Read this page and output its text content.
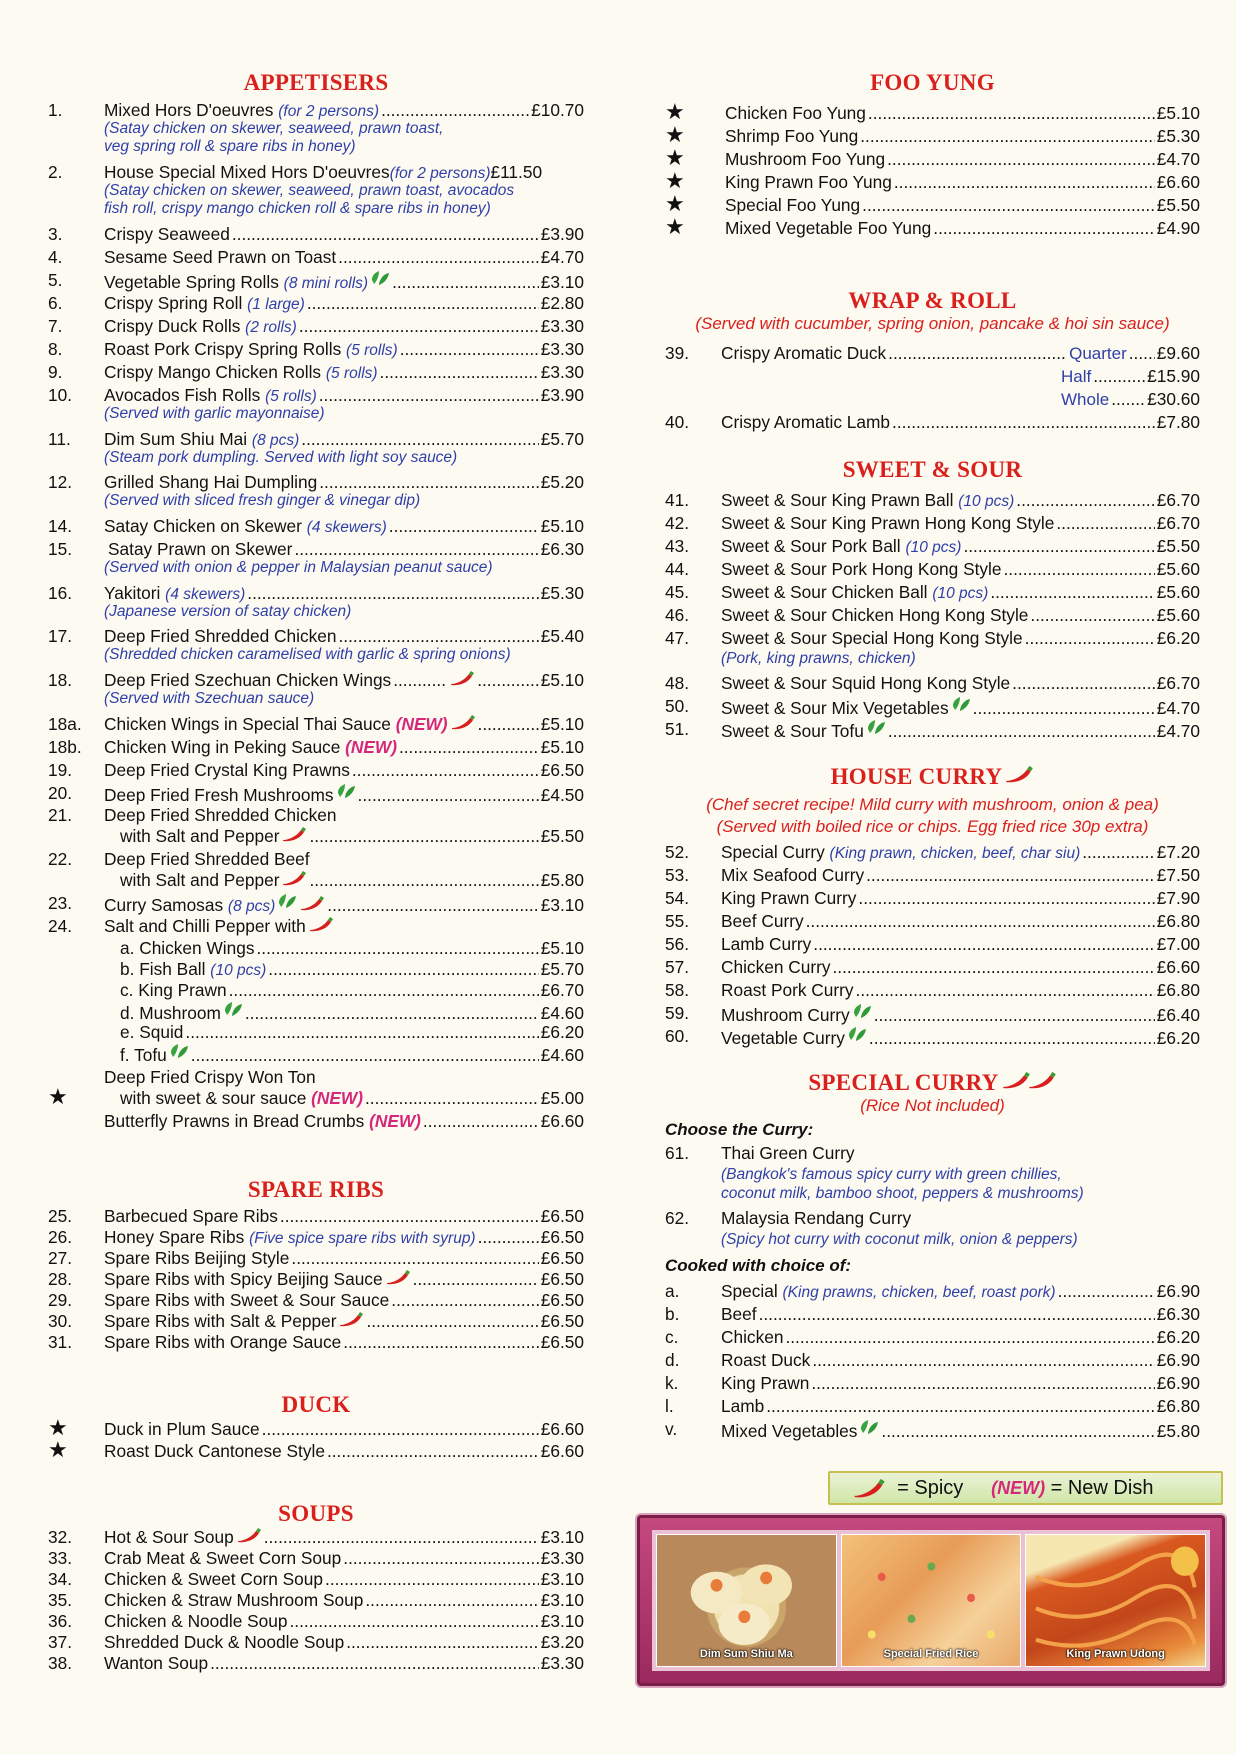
APPETISERS
1. Mixed Hors D'oeuvres
(for 2 persons) .....	£10.70
(Satay chicken on skewer, seaweed, prawn toast,
veg spring roll & spare ribs in honey)
2. House Special Mixed Hors D'oeuvres (for 2 persons) £11.50
(Satay chicken on skewer, seaweed, prawn toast, avocados
fish roll, crispy mango chicken roll & spare ribs in honey)
3. Crispy Seaweed .....	£3.90
4. Sesame Seed Prawn on Toast .....	£4.70
5. Vegetable Spring Rolls
(8 mini rolls) .....	£3.10
6. Crispy Spring Roll
(1 large) .....	£2.80
7. Crispy Duck Rolls
(2 rolls) .....	£3.30
8. Roast Pork Crispy Spring Rolls
(5 rolls) .....	£3.30
9. Crispy Mango Chicken Rolls
(5 rolls) .....	£3.30
10. Avocados Fish Rolls
(5 rolls) .....	£3.90
(Served with garlic mayonnaise)
11. Dim Sum Shiu Mai
(8 pcs) .....	£5.70
(Steam pork dumpling. Served with light soy sauce)
12. Grilled Shang Hai Dumpling .....	£5.20
(Served with sliced fresh ginger & vinegar dip)
14. Satay Chicken on Skewer
(4 skewers) .....	£5.10
15. Satay Prawn on Skewer .....	£6.30
(Served with onion & pepper in Malaysian peanut sauce)
16. Yakitori
(4 skewers) .....	£5.30
(Japanese version of satay chicken)
17. Deep Fried Shredded Chicken .....	£5.40
(Shredded chicken caramelised with garlic & spring onions)
18. Deep Fried Szechuan Chicken Wings ..... .....	£5.10
(Served with Szechuan sauce)
18a. Chicken Wings in Special Thai Sauce
(NEW) .....	£5.10
18b. Chicken Wing in Peking Sauce
(NEW) .....	£5.10
19. Deep Fried Crystal King Prawns .....	£6.50
20. Deep Fried Fresh Mushrooms .....	£4.50
21. Deep Fried Shredded Chicken
with Salt and Pepper .....	£5.50
22. Deep Fried Shredded Beef
with Salt and Pepper .....	£5.80
23. Curry Samosas
(8 pcs) .....	£3.10
24. Salt and Chilli Pepper with
a. Chicken Wings .....	£5.10
b. Fish Ball
(10 pcs) .....	£5.70
c. King Prawn .....	£6.70
d. Mushroom .....	£4.60
e. Squid .....	£6.20
f. Tofu .....	£4.60
Deep Fried Crispy Won Ton
★	with sweet & sour sauce
(NEW) .....	£5.00
Butterfly Prawns in Bread Crumbs
(NEW) .....	£6.60
SPARE RIBS
25. Barbecued Spare Ribs .....	£6.50
26. Honey Spare Ribs
(Five spice spare ribs with syrup) .....	£6.50
27. Spare Ribs Beijing Style .....	£6.50
28. Spare Ribs with Spicy Beijing Sauce .....	£6.50
29. Spare Ribs with Sweet & Sour Sauce .....	£6.50
30. Spare Ribs with Salt & Pepper .....	£6.50
31. Spare Ribs with Orange Sauce .....	£6.50
DUCK
★ Duck in Plum Sauce .....	£6.60
★ Roast Duck Cantonese Style .....	£6.60
SOUPS
32. Hot & Sour Soup .....	£3.10
33. Crab Meat & Sweet Corn Soup .....	£3.30
34. Chicken & Sweet Corn Soup .....	£3.10
35. Chicken & Straw Mushroom Soup .....	£3.10
36. Chicken & Noodle Soup .....	£3.10
37. Shredded Duck & Noodle Soup .....	£3.20
38. Wanton Soup .....	£3.30
FOO YUNG
★ Chicken Foo Yung .....	£5.10
★ Shrimp Foo Yung .....	£5.30
★ Mushroom Foo Yung .....	£4.70
★ King Prawn Foo Yung .....	£6.60
★ Special Foo Yung .....	£5.50
★ Mixed Vegetable Foo Yung .....	£4.90
WRAP & ROLL
(Served with cucumber, spring onion, pancake & hoi sin sauce)
39. Crispy Aromatic Duck .....	Quarter ..... £9.60
Half .....	£15.90
Whole ..... £30.60
40. Crispy Aromatic Lamb .....	£7.80
SWEET & SOUR
41. Sweet & Sour King Prawn Ball
(10 pcs) .....	£6.70
42. Sweet & Sour King Prawn Hong Kong Style .....	£6.70
43. Sweet & Sour Pork Ball
(10 pcs) .....	£5.50
44. Sweet & Sour Pork Hong Kong Style .....	£5.60
45. Sweet & Sour Chicken Ball
(10 pcs) .....	£5.60
46. Sweet & Sour Chicken Hong Kong Style .....	£5.60
47. Sweet & Sour Special Hong Kong Style .....	£6.20
(Pork, king prawns, chicken)
48. Sweet & Sour Squid Hong Kong Style .....	£6.70
50. Sweet & Sour Mix Vegetables .....	£4.70
51. Sweet & Sour Tofu .....	£4.70
HOUSE CURRY
(Chef secret recipe! Mild curry with mushroom, onion & pea)
(Served with boiled rice or chips. Egg fried rice 30p extra)
52. Special Curry
(King prawn, chicken, beef, char siu) .....	£7.20
53. Mix Seafood Curry .....	£7.50
54. King Prawn Curry .....	£7.90
55. Beef Curry .....	£6.80
56. Lamb Curry .....	£7.00
57. Chicken Curry .....	£6.60
58. Roast Pork Curry .....	£6.80
59. Mushroom Curry .....	£6.40
60. Vegetable Curry .....	£6.20
SPECIAL CURRY
(Rice Not included)
Choose the Curry:
61. Thai Green Curry
(Bangkok's famous spicy curry with green chillies,
coconut milk, bamboo shoot, peppers & mushrooms)
62. Malaysia Rendang Curry
(Spicy hot curry with coconut milk, onion & peppers)
Cooked with choice of:
a. Special
(King prawns, chicken, beef, roast pork) .....	£6.90
b. Beef .....	£6.30
c. Chicken .....	£6.20
d. Roast Duck .....	£6.90
k. King Prawn .....	£6.90
l.	Lamb .....	£6.80
v.	Mixed Vegetables .....	£5.80
= Spicy (NEW) = New Dish
Dim Sum Shiu Ma	Special Fried Rice	King Prawn Udong
